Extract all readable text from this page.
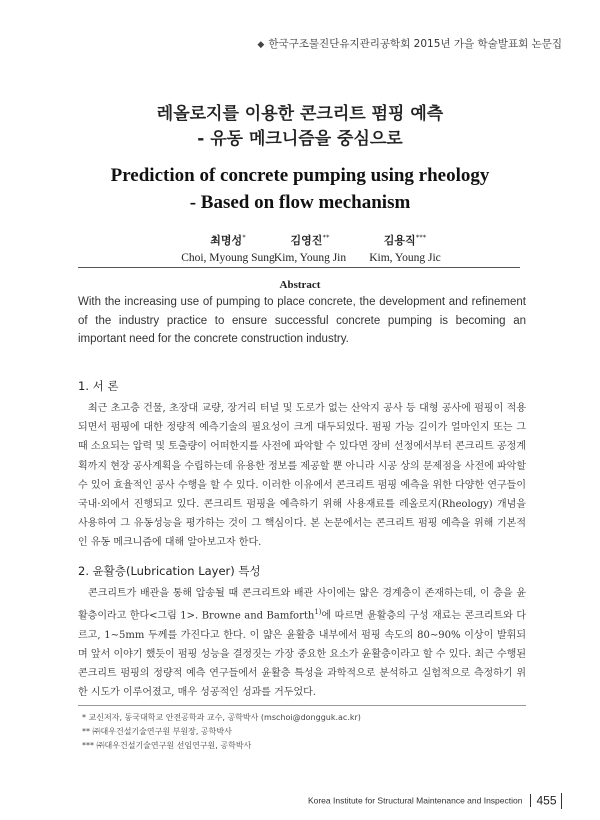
◆ 한국구조물진단유지관리공학회 2015년 가을 학술발표회 논문집
레올로지를 이용한 콘크리트 펌핑 예측
- 유동 메크니즘을 중심으로
Prediction of concrete pumping using rheology
- Based on flow mechanism
최명성*
Choi, Myoung Sung
김영진**
Kim, Young Jin
김용직***
Kim, Young Jic
Abstract
With the increasing use of pumping to place concrete, the development and refinement of the industry practice to ensure successful concrete pumping is becoming an important need for the concrete construction industry.
1. 서 론
최근 초고층 건물, 초장대 교량, 장거리 터널 및 도로가 없는 산악지 공사 등 대형 공사에 펌핑이 적용되면서 펌핑에 대한 정량적 예측기술의 필요성이 크게 대두되었다. 펌핑 가능 길이가 얼마인지 또는 그때 소요되는 압력 및 토출량이 어떠한지를 사전에 파악할 수 있다면 장비 선정에서부터 콘크리트 공정계획까지 현장 공사계획을 수립하는데 유용한 정보를 제공할 뿐 아니라 시공 상의 문제점을 사전에 파악할 수 있어 효율적인 공사 수행을 할 수 있다. 이러한 이유에서 콘크리트 펌핑 예측을 위한 다양한 연구들이 국내·외에서 진행되고 있다. 콘크리트 펌핑을 예측하기 위해 사용재료를 레올로지(Rheology) 개념을 사용하여 그 유동성능을 평가하는 것이 그 핵심이다. 본 논문에서는 콘크리트 펌핑 예측을 위해 기본적인 유동 메크니즘에 대해 알아보고자 한다.
2. 윤활층(Lubrication Layer) 특성
콘크리트가 배관을 통해 압송될 때 콘크리트와 배관 사이에는 얇은 경계층이 존재하는데, 이 층을 윤활층이라고 한다<그림 1>. Browne and Bamforth$^{1)}$에 따르면 윤활층의 구성 재료는 콘크리트와 다르고, 1∼5mm 두께를 가진다고 한다. 이 얇은 윤활층 내부에서 펌핑 속도의 80∼90% 이상이 발휘되며 앞서 이야기 했듯이 펌핑 성능을 결정짓는 가장 중요한 요소가 윤활층이라고 할 수 있다. 최근 수행된 콘크리트 펌핑의 정량적 예측 연구들에서 윤활층 특성을 과학적으로 분석하고 실험적으로 측정하기 위한 시도가 이루어졌고, 매우 성공적인 성과를 거두었다.
* 교신저자, 동국대학교 안전공학과 교수, 공학박사 (mschoi@dongguk.ac.kr)
** ㈜대우건설기술연구원 부원장, 공학박사
*** ㈜대우건설기술연구원 선임연구원, 공학박사
Korea Institute for Structural Maintenance and Inspection 455
